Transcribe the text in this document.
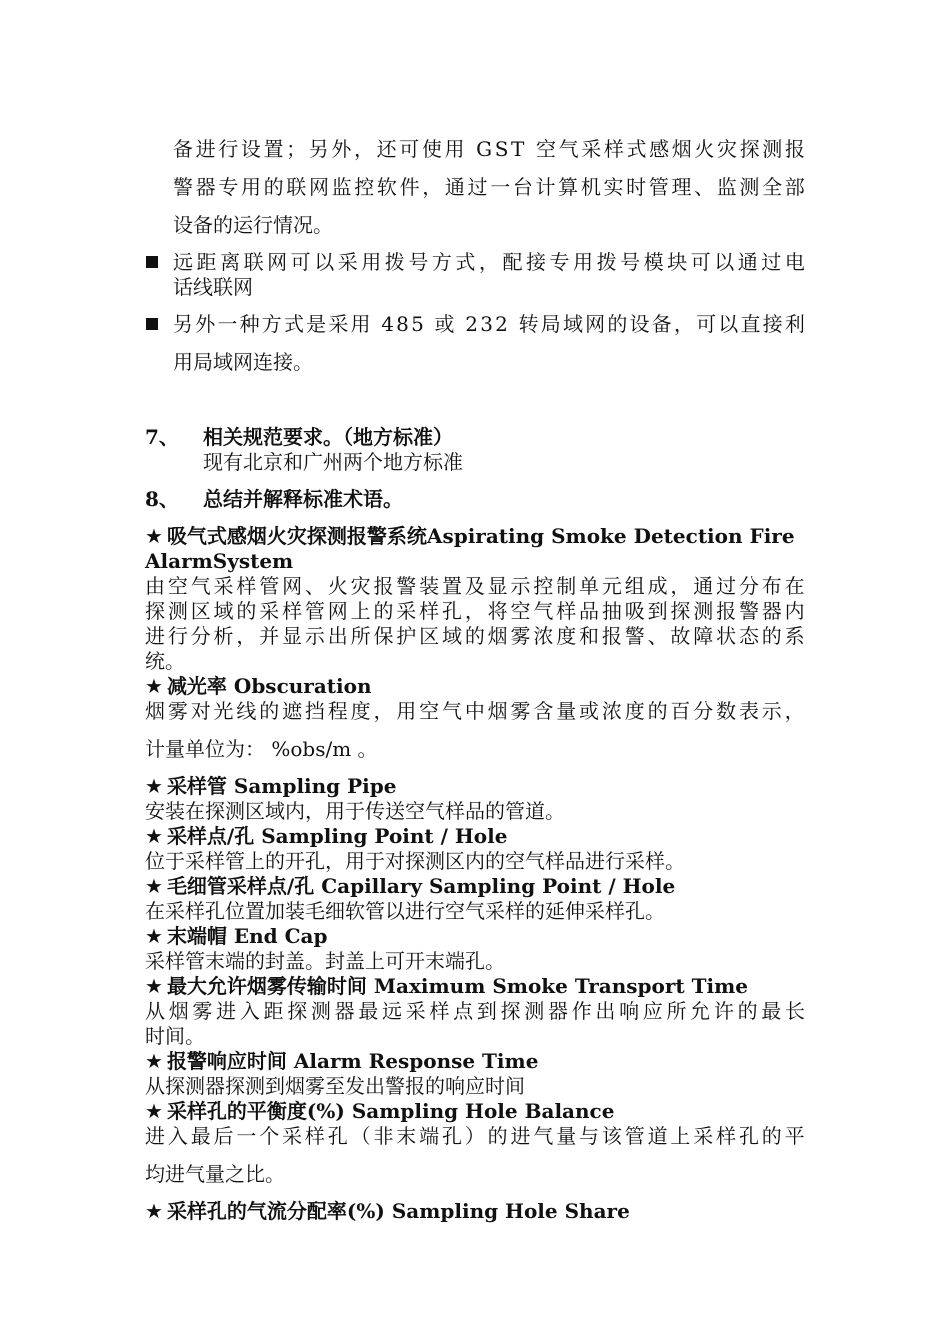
备 进 行 设 置 ； 另 外 ， 还 可 使 用
G S T
空 气 采 样 式 感 烟 火 灾 探 测 报
警 器 专 用 的 联 网 监 控 软 件 ， 通 过 一 台 计 算 机 实 时 管 理 、 监 测 全 部
设备的运行情况。
远 距 离 联 网 可 以 采 用 拨 号 方 式 ， 配 接 专 用 拨 号 模 块 可 以 通 过 电
话线联网
另 外 一 种 方 式 是 采 用
4 8 5
或
2 3 2
转 局 域 网 的 设 备 ， 可 以 直 接 利
用局域网连接。
7、 相关规范要求。（地方标准）
现有北京和广州两个地方标准
8、 总结并解释标准术语。
★ 吸气式感烟火灾探测报警系统Aspirating Smoke Detection Fire
AlarmSystem
由 空 气 采 样 管 网 、 火 灾 报 警 装 置 及 显 示 控 制 单 元 组 成 ， 通 过 分 布 在
探 测 区 域 的 采 样 管 网 上 的 采 样 孔 ， 将 空 气 样 品 抽 吸 到 探 测 报 警 器 内
进 行 分 析 ， 并 显 示 出 所 保 护 区 域 的 烟 雾 浓 度 和 报 警 、 故 障 状 态 的 系
统。
★ 减光率 Obscuration
烟 雾 对 光 线 的 遮 挡 程 度 ， 用 空 气 中 烟 雾 含 量 或 浓 度 的 百 分 数 表 示 ，
计量单位为： %obs/m 。
★ 采样管 Sampling Pipe
安装在探测区域内，用于传送空气样品的管道。
★ 采样点/孔 Sampling Point / Hole
位于采样管上的开孔，用于对探测区内的空气样品进行采样。
★ 毛细管采样点/孔 Capillary Sampling Point / Hole
在采样孔位置加装毛细软管以进行空气采样的延伸采样孔。
★ 末端帽 End Cap
采样管末端的封盖。封盖上可开末端孔。
★ 最大允许烟雾传输时间 Maximum Smoke Transport Time
从 烟 雾 进 入 距 探 测 器 最 远 采 样 点 到 探 测 器 作 出 响 应 所 允 许 的 最 长
时间。
★ 报警响应时间 Alarm Response Time
从探测器探测到烟雾至发出警报的响应时间
★ 采样孔的平衡度(%) Sampling Hole Balance
进 入 最 后 一 个 采 样 孔 （ 非 末 端 孔 ） 的 进 气 量 与 该 管 道 上 采 样 孔 的 平
均进气量之比。
★ 采样孔的气流分配率(%) Sampling Hole Share
